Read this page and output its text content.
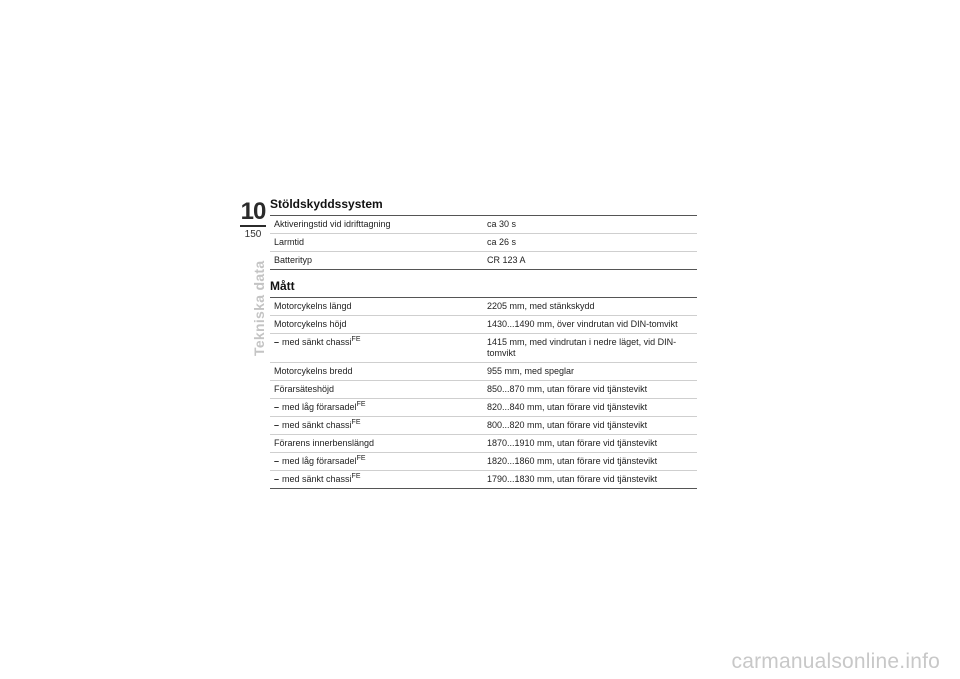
10
150
Tekniska data
Stöldskyddssystem
Aktiveringstid vid idrifttagning	ca 30 s
Larmtid	ca 26 s
Batterityp	CR 123 A
Mått
Motorcykelns längd	2205 mm, med stänkskydd
Motorcykelns höjd	1430...1490 mm, över vindrutan vid DIN-tomvikt
– med sänkt chassi$^{FE}$	1415 mm, med vindrutan i nedre läget, vid DIN-tomvikt
Motorcykelns bredd	955 mm, med speglar
Förarsäteshöjd	850...870 mm, utan förare vid tjänstevikt
– med låg förarsadel$^{FE}$	820...840 mm, utan förare vid tjänstevikt
– med sänkt chassi$^{FE}$	800...820 mm, utan förare vid tjänstevikt
Förarens innerbenslängd	1870...1910 mm, utan förare vid tjänstevikt
– med låg förarsadel$^{FE}$	1820...1860 mm, utan förare vid tjänstevikt
– med sänkt chassi$^{FE}$	1790...1830 mm, utan förare vid tjänstevikt
carmanualsonline.info
